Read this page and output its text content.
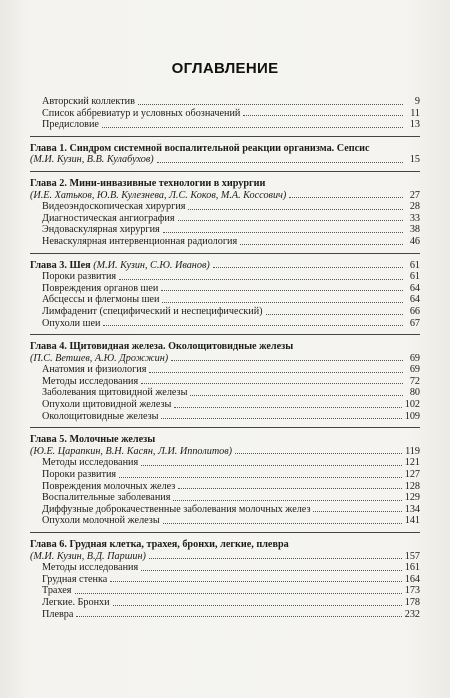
ОГЛАВЛЕНИЕ
Авторский коллектив	9
Список аббревиатур и условных обозначений	11
Предисловие	13
Глава 1. Синдром системной воспалительной реакции организма. Сепсис
(М.И. Кузин, В.В. Кулабухов)	15
Глава 2. Мини-инвазивные технологии в хирургии
(И.Е. Хатьков, Ю.В. Кулезнева, Л.С. Коков, М.А. Коссович)	27
Видеоэндоскопическая хирургия	28
Диагностическая ангиография	33
Эндоваскулярная хирургия	38
Неваскулярная интервенционная радиология	46
Глава 3. Шея (М.И. Кузин, С.Ю. Иванов)	61
Пороки развития	61
Повреждения органов шеи	64
Абсцессы и флегмоны шеи	64
Лимфаденит (специфический и неспецифический)	66
Опухоли шеи	67
Глава 4. Щитовидная железа. Околощитовидные железы
(П.С. Ветшев, А.Ю. Дрожжин)	69
Анатомия и физиология	69
Методы исследования	72
Заболевания щитовидной железы	80
Опухоли щитовидной железы	102
Околощитовидные железы	109
Глава 5. Молочные железы
(Ю.Е. Царапкин, В.Н. Касян, Л.И. Ипполитов)	119
Методы исследования	121
Пороки развития	127
Повреждения молочных желез	128
Воспалительные заболевания	129
Диффузные доброкачественные заболевания молочных желез	134
Опухоли молочной железы	141
Глава 6. Грудная клетка, трахея, бронхи, легкие, плевра
(М.И. Кузин, В.Д. Паршин)	157
Методы исследования	161
Грудная стенка	164
Трахея	173
Легкие. Бронхи	178
Плевра	232
